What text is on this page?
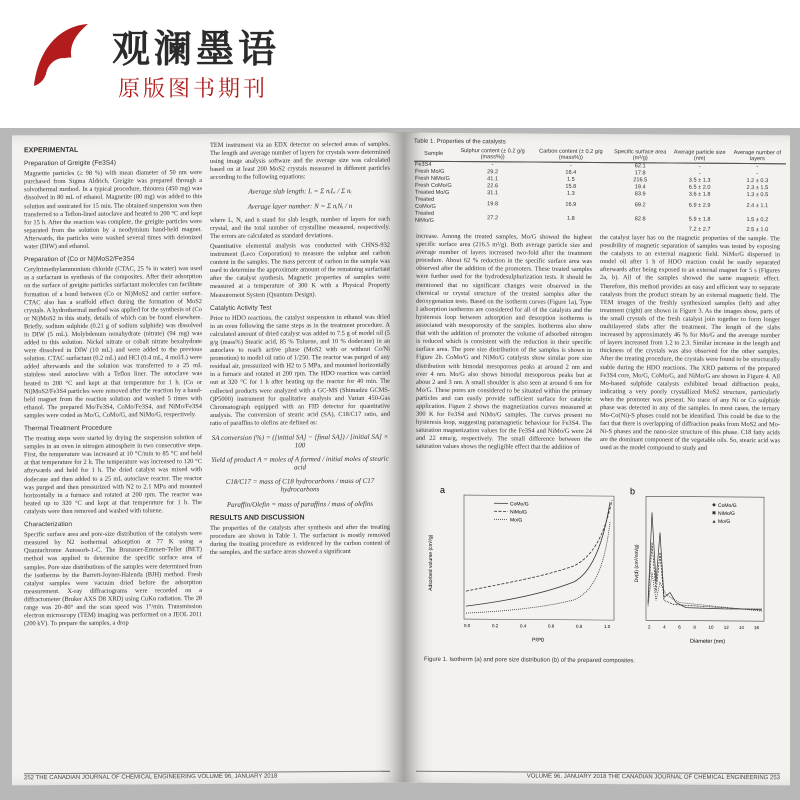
观澜墨语
原版图书期刊
EXPERIMENTAL
Preparation of Greigite (Fe3S4)

Magnetite particles (≥ 98 %) with mean diameter of 50 nm were purchased from Sigma Aldrich. Greigite was prepared through a solvothermal method. In a typical procedure, thiourea (450 mg) was dissolved in 80 mL of ethanol. Magnetite (80 mg) was added to this solution and sonicated for 15 min. The obtained suspension was then transferred to a Teflon-lined autoclave and heated to 200 °C and kept for 15 h. After the reaction was complete, the greigite particles were separated from the solution by a neodymium hand-held magnet. Afterwards, the particles were washed several times with deionized water (DIW) and ethanol.

Preparation of (Co or Ni)MoS2/Fe3S4

Cetyltrimethylammonium chloride (CTAC, 25 % in water) was used as a surfactant in synthesis of the composites. After their adsorption on the surface of greigite particles surfactant molecules can facilitate formation of a bond between (Co or Ni)MoS2 and carrier surface. CTAC also has a scaffold effect during the formation of MoS2 crystals. A hydrothermal method was applied for the synthesis of (Co or Ni)MoS2 in this study, details of which can be found elsewhere. Briefly, sodium sulphide (0.21 g of sodium sulphide) was dissolved in DIW (5 mL). Molybdenum nonahydrate (nitrate) (94 mg) was added to this solution. Nickel nitrate or cobalt nitrate hexahydrate were dissolved in DIW (10 mL) and were added to the previous solution. CTAC surfactant (0.2 mL) and HCl (0.4 mL, 4 mol/L) were added afterwards and the solution was transferred to a 25 mL stainless steel autoclave with a Teflon liner. The autoclave was heated to 200 °C and kept at that temperature for 1 h. (Co or Ni)MoS2/Fe3S4 particles were removed after the reaction by a hand-held magnet from the reaction solution and washed 5 times with ethanol. The prepared Mo/Fe3S4, CoMo/Fe3S4, and NiMo/Fe3S4 samples were coded as Mo/G, CoMo/G, and NiMo/G, respectively.

Thermal Treatment Procedure

The treating steps were started by drying the suspension solution of samples in an oven in nitrogen atmosphere in two consecutive steps. First, the temperature was increased at 10 °C/min to 85 °C and held at that temperature for 2 h. The temperature was increased to 120 °C afterwards and held for 1 h. The dried catalyst was mixed with dodecane and then added to a 25 mL autoclave reactor. The reactor was purged and then pressurized with N2 to 2.1 MPa and mounted horizontally in a furnace and rotated at 200 rpm. The reactor was heated up to 320 °C and kept at that temperature for 1 h. The catalysts were then removed and washed with toluene.

Characterization

Specific surface area and pore-size distribution of the catalysts were measured by N2 isothermal adsorption at 77 K using a Quantachrome Autosorb-1-C. The Brunauer-Emmett-Teller (BET) method was applied to determine the specific surface area of samples. Pore size distributions of the samples were determined from the isotherms by the Barrett-Joyner-Halenda (BJH) method. Fresh catalyst samples were vacuum dried before the adsorption measurement. X-ray diffractograms were recorded on a diffractometer (Bruker AXS D8 XRD) using CuKα radiation. The 2θ range was 20–80° and the scan speed was 1°/min. Transmission electron microscopy (TEM) imaging was performed on a JEOL 2011 (200 kV). To prepare the samples, a drop

TEM instrument via an EDX detector on selected areas of samples. The length and average number of layers for crystals were determined using image analysis software and the average size was calculated based on at least 200 MoS2 crystals measured in different particles according to the following equations:

Average slab length: L = Σ nᵢLᵢ / Σ nᵢ
Average layer number: N = Σ nᵢNᵢ / n

where L, N, and n stand for slab length, number of layers for each crystal, and the total number of crystalline measured, respectively. The errors are calculated as standard deviations.

Quantitative elemental analysis was conducted with CHNS-932 instrument (Leco Corporation) to measure the sulphur and carbon content in the samples. The mass percent of carbon in the sample was used to determine the approximate amount of the remaining surfactant after the catalyst synthesis. Magnetic properties of samples were measured at a temperature of 300 K with a Physical Property Measurement System (Quantum Design).

Catalytic Activity Test

Prior to HDO reactions, the catalyst suspension in ethanol was dried in an oven following the same steps as in the treatment procedure. A calculated amount of dried catalyst was added to 7.5 g of model oil (5 g/g (mass%) Stearic acid, 85 % Toluene, and 10 % dodecane) in an autoclave to reach active phase (MoS2 with or without Co/Ni promotion) to model oil ratio of 1/250. The reactor was purged of any residual air, pressurized with H2 to 5 MPa, and mounted horizontally in a furnace and rotated at 200 rpm. The HDO reaction was carried out at 320 °C for 1 h after heating up the reactor for 40 min. The collected products were analyzed with a GC-MS (Shimadzu GCMS-QP5000) instrument for qualitative analysis and Varian 450-Gas Chromatograph equipped with an FID detector for quantitative analysis. The conversion of stearic acid (SA), C18/C17 ratio, and ratio of paraffins to olefins are defined as:

SA conversion (%) = ([initial SA] − [final SA]) / [initial SA] × 100
Yield of product A = moles of A formed / initial moles of stearic acid
C18/C17 = mass of C18 hydrocarbons / mass of C17 hydrocarbons
Paraffin/Olefin = mass of paraffins / mass of olefins
RESULTS AND DISCUSSION

The properties of the catalysts after synthesis and after the treating procedure are shown in Table 1. The surfactant is mostly removed during the treating procedure as evidenced by the carbon content of the samples, and the surface areas showed a significant

252 THE CANADIAN JOURNAL OF CHEMICAL ENGINEERING VOLUME 96, JANUARY 2018
Table 1. Properties of the catalysts
Sample	Sulphur content (± 0.2 g/g (mass%))	Carbon content (± 0.2 g/g (mass%))	Specific surface area (m²/g)	Average particle size (nm)	Average number of layers
Fe3S4	-	-	62.1	-	-
Fresh Mo/G	29.2	18.4	17.8	-	-
Fresh NiMo/G	41.1	1.5	216.5	3.5 ± 1.3	1.2 ± 0.3
Fresh CoMo/G	22.6	15.8	19.4	6.5 ± 2.0	2.3 ± 1.5
Treated Mo/G	31.1	1.3	83.9	3.6 ± 1.8	1.3 ± 0.5
Treated CoMo/G	19.8	16.9	69.2	6.9 ± 2.9	2.4 ± 1.1
Treated NiMo/G	27.2	1.8	82.8	5.9 ± 1.8	1.5 ± 0.2
				7.2 ± 2.7	2.5 ± 1.0

increase. Among the treated samples, Mo/G showed the highest specific surface area (216.5 m²/g). Both average particle size and average number of layers increased two-fold after the treatment procedure. About 62 % reduction in the specific surface area was observed after the addition of the promoters. These treated samples were further used for the hydrodesulphurization tests. It should be mentioned that no significant changes were observed in the chemical or crystal structure of the treated samples after the deoxygenation tests. Based on the isotherm curves (Figure 1a), Type I adsorption isotherms are considered for all of the catalysts and the hysteresis loop between adsorption and desorption isotherms is associated with mesoporosity of the samples. Isotherms also show that with the addition of promoter the volume of adsorbed nitrogen is reduced which is consistent with the reduction in their specific surface area. The pore size distribution of the samples is shown in Figure 2b. CoMo/G and NiMo/G catalysts show similar pore size distribution with bimodal mesoporous peaks at around 2 nm and over 4 nm. Mo/G also shows bimodal mesoporous peaks but at about 2 and 3 nm. A small shoulder is also seen at around 6 nm for Mo/G. These pores are considered to be situated within the primary particles and can easily provide sufficient surface for catalytic application. Figure 2 shows the magnetization curves measured at 300 K for Fe3S4 and NiMo/G samples. The curves present no hysteresis loop, suggesting paramagnetic behaviour for Fe3S4. The saturation magnetization values for the Fe3S4 and NiMo/G were 24 and 22 emu/g, respectively. The small difference between the saturation values shows the negligible effect that the addition of

the catalyst layer has on the magnetic properties of the sample. The possibility of magnetic separation of samples was tested by exposing the catalysts to an external magnetic field. NiMo/G dispersed in model oil after 1 h of HDO reaction could be easily separated afterwards after being exposed to an external magnet for 5 s (Figures 2a, b). All of the samples showed the same magnetic effect. Therefore, this method provides an easy and efficient way to separate catalysts from the product stream by an external magnetic field. The TEM images of the freshly synthesized samples (left) and after treatment (right) are shown in Figure 3. As the images show, parts of the small crystals of the fresh catalyst join together to form longer multilayered slabs after the treatment. The length of the slabs increased by approximately 46 % for Mo/G and the average number of layers increased from 1.2 to 2.3. Similar increase in the length and thickness of the crystals was also observed for the other samples. After the treating procedure, the crystals were found to be structurally stable during the HDO reactions. The XRD patterns of the prepared Fe3S4 core, Mo/G, CoMo/G, and NiMo/G are shown in Figure 4. All Mo-based sulphide catalysts exhibited broad diffraction peaks, indicating a very poorly crystallized MoS2 structure, particularly when the promoter was present. No trace of any Ni or Co sulphide phase was detected in any of the samples. In most cases, the ternary Mo-Co(Ni)-S phases could not be identified. This could be due to the fact that there is overlapping of diffraction peaks from MoS2 and Mo-Ni-S phases and the nano-size structure of this phase. C18 fatty acids are the dominant component of the vegetable oils. So, stearic acid was used as the model compound to study and

a
Adsorbed volume (cm³/g)
P/P0
0.0	0.2	0.4	0.6	0.8	1.0
CoMo/G
NiMo/G
Mo/G
b
Dv(d) (cm³/nm/g)
Diameter (nm)
2	4	6	8	10 12 14 16
CoMo/G
NiMo/G
Mo/G
Figure 1. Isotherm (a) and pore size distribution (b) of the prepared composites.
VOLUME 96, JANUARY 2018 THE CANADIAN JOURNAL OF CHEMICAL ENGINEERING 253
